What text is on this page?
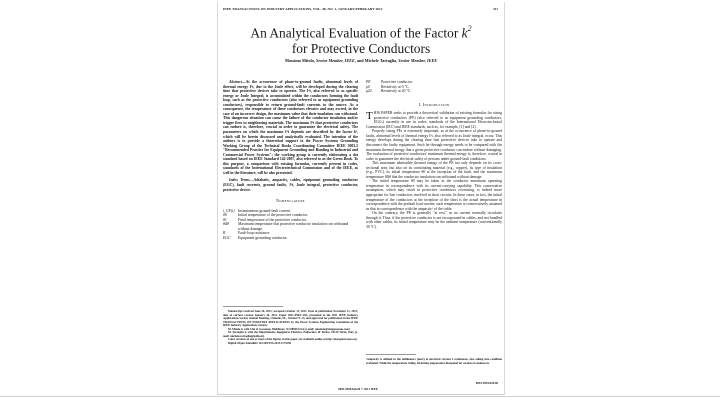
IEEE TRANSACTIONS ON INDUSTRY APPLICATIONS, VOL. 48, NO. 1, JANUARY/FEBRUARY 2012	311
An Analytical Evaluation of the Factor $k^2$
for Protective Conductors
Massimo Mitolo, Senior Member, IEEE, and Michele Tartaglia, Senior Member, IEEE

Abstract—At the occurrence of phase-to-ground faults, abnormal levels of thermal energy I²t, due to the Joule effect, will be developed during the clearing time that protective devices take to operate. The I²t, also referred to as specific energy or Joule Integral, is accumulated within the conductors forming the fault loop, such as the protective conductors (also referred to as equipment grounding conductors), responsible to return ground-fault currents to the source. As a consequence, the temperature of these conductors elevates and may exceed, in the case of an incorrect design, the maximum value that their insulation can withstand. This dangerous situation can cause the failure of the conductor insulation and/or trigger fires in neighboring materials. The maximum I²t that protective conductors can endure is, therefore, crucial in order to guarantee the electrical safety. The parameters on which the maximum I²t depends are described by the factor k², which will be herein discussed and analytically evaluated. The intention of the authors is to provide a theoretical support to the Power Systems Grounding Working Group of the Technical Books Coordinating Committee IEEE 3003.2 "Recommended Practice for Equipment Grounding and Bonding in Industrial and Commercial Power Systems"; the working group is currently elaborating a dot standard based on IEEE Standard 142-2007, also referred to as the Green Book. To this purpose, a comparison with existing formulas, currently present in codes, standards of the International Electrotechnical Commission and of the IEEE, as well in the literature, will be also presented.

Index Terms—Adiabatic, ampacity, cables, equipment grounding conductor (EGC), fault currents, ground faults, I²t, Joule integral, protective conductor, protective device.

Nomenclature
i_GF(t) Instantaneous ground-fault current.
θ0	Initial temperature of the protective conductor.
θ1	Final temperature of the protective conductor.
θΔθ	Maximum temperature that protective conductor insulation can withstand without damage.
R	Fault-loop resistance.
EGC	Equipment grounding conductor.

Manuscript received June 26, 2011; accepted October 13, 2011. Date of publication November 11, 2011; date of current version January 20, 2012. Paper 2011-PSEC-203, presented at the 2011 IEEE Industry Applications Society Annual Meeting, Orlando, FL, October 9–13, and approved for publication in the IEEE TRANSACTIONS ON INDUSTRY APPLICATIONS by the Power Systems Engineering Committee of the IEEE Industry Applications Society.

M. Mitolo is with Chu & Gassman, Middlesex, NJ 08846 USA (e-mail: mmitolo@chugassman.com).

M. Tartaglia is with the Dipartimento Ingegneria Elettrica, Politecnico di Torino, 10129 Turin, Italy (e-mail: michele.tartaglia@polito.it).

Color versions of one or more of the figures in this paper are available online at http://ieeexplore.ieee.org.

Digital Object Identifier 10.1109/TIA.2011.2175358

0093-9994/$26.00
PE	Protective conductor.
ρ0	Resistivity at 0 °C.
ρ20	Resistivity at 20 °C.
I. Introduction

THIS PAPER seeks to provide a theoretical validation of existing formulas for sizing protective conductors (PE) (also referred to as equipment grounding conductors, EGCs) currently in use in codes, standards of the International Electrotechnical Commission (IEC) and IEEE standards, such as, for example, [1] and [2].

Properly sizing PEs is extremely important, as at the occurrence of phase-to-ground faults, abnormal levels of thermal energy I²t, also referred to as Joule integral, occur. This energy develops during the clearing time that protective devices take to operate and disconnect the faulty equipment. Such let-through energy needs to be compared with the maximum thermal energy that a given protective conductor can endure without damaging. The evaluation of protective conductors' maximum thermal energy is, therefore, crucial in order to guarantee the electrical safety of persons under ground-fault conditions.

This maximum admissible thermal energy of the PE not only depends on its cross-sectional area, but also on its constituting material (e.g., copper), its type of insulation (e.g., PVC), its initial temperature θ0 at the inception of the fault, and the maximum temperature θΔθ that the conductor insulation can withstand without damage.

The initial temperature θ0 may be taken as the conductor maximum operating temperature in correspondence with its current-carrying capability. This conservative assumption, which may result in protective conductors oversizing, is indeed more appropriate for line conductors involved in short circuits. In these cases, in fact, the initial temperature of the conductors at the inception of the short is the actual temperature in correspondence with the prefault load current; such temperature is conservatively assumed as that in correspondence with the ampacity¹ of the cable.

On the contrary, the PE is generally "at rest," as no current normally circulates through it. Thus, if the protective conductor is not incorporated in cables, and not bundled with other cables, its initial temperature may be the ambient temperature (conventionally 30 °C).

¹Ampacity is defined in the millimeters (mm²) of electrical current I continuous, also taking into condition evaluated. While the temperature riding. Ill during temperature dissipated for section of conductors.
0093-9994/$26.00 © 2011 IEEE
